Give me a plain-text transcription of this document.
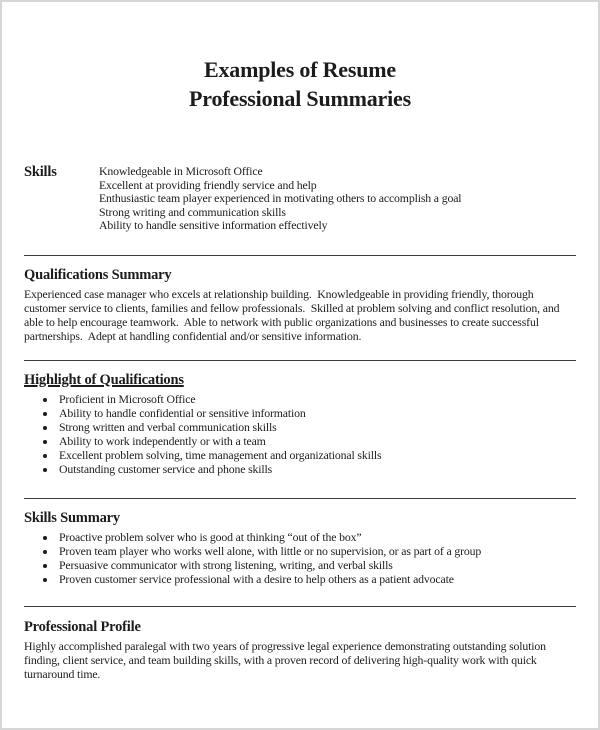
Examples of Resume
Professional Summaries
Skills	Knowledgeable in Microsoft Office
Excellent at providing friendly service and help
Enthusiastic team player experienced in motivating others to accomplish a goal
Strong writing and communication skills
Ability to handle sensitive information effectively
Qualifications Summary
Experienced case manager who excels at relationship building.  Knowledgeable in providing friendly, thorough customer service to clients, families and fellow professionals.  Skilled at problem solving and conflict resolution, and able to help encourage teamwork.  Able to network with public organizations and businesses to create successful partnerships.  Adept at handling confidential and/or sensitive information.
Highlight of Qualifications
• Proficient in Microsoft Office
• Ability to handle confidential or sensitive information
• Strong written and verbal communication skills
• Ability to work independently or with a team
• Excellent problem solving, time management and organizational skills
• Outstanding customer service and phone skills
Skills Summary
• Proactive problem solver who is good at thinking “out of the box”
• Proven team player who works well alone, with little or no supervision, or as part of a group
• Persuasive communicator with strong listening, writing, and verbal skills
• Proven customer service professional with a desire to help others as a patient advocate
Professional Profile
Highly accomplished paralegal with two years of progressive legal experience demonstrating outstanding solution finding, client service, and team building skills, with a proven record of delivering high-quality work with quick turnaround time.
